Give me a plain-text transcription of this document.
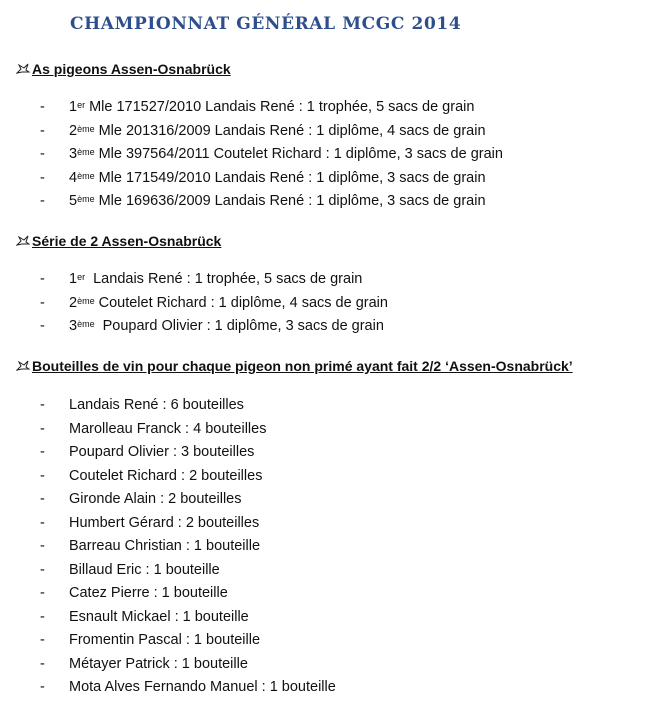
CHAMPIONNAT GÉNÉRAL MCGC 2014
As pigeons Assen-Osnabrück
- 1er Mle 171527/2010 Landais René : 1 trophée, 5 sacs de grain
- 2ème Mle 201316/2009 Landais René : 1 diplôme, 4 sacs de grain
- 3ème Mle 397564/2011 Coutelet Richard : 1 diplôme, 3 sacs de grain
- 4ème Mle 171549/2010 Landais René : 1 diplôme, 3 sacs de grain
- 5ème Mle 169636/2009 Landais René : 1 diplôme, 3 sacs de grain
Série de 2 Assen-Osnabrück
- 1er Landais René : 1 trophée, 5 sacs de grain
- 2ème Coutelet Richard : 1 diplôme, 4 sacs de grain
- 3ème Poupard Olivier : 1 diplôme, 3 sacs de grain
Bouteilles de vin pour chaque pigeon non primé ayant fait 2/2 ‘Assen-Osnabrück’
- Landais René : 6 bouteilles
- Marolleau Franck : 4 bouteilles
- Poupard Olivier : 3 bouteilles
- Coutelet Richard : 2 bouteilles
- Gironde Alain : 2 bouteilles
- Humbert Gérard : 2 bouteilles
- Barreau Christian : 1 bouteille
- Billaud Eric : 1 bouteille
- Catez Pierre : 1 bouteille
- Esnault Mickael : 1 bouteille
- Fromentin Pascal : 1 bouteille
- Métayer Patrick : 1 bouteille
- Mota Alves Fernando Manuel : 1 bouteille
